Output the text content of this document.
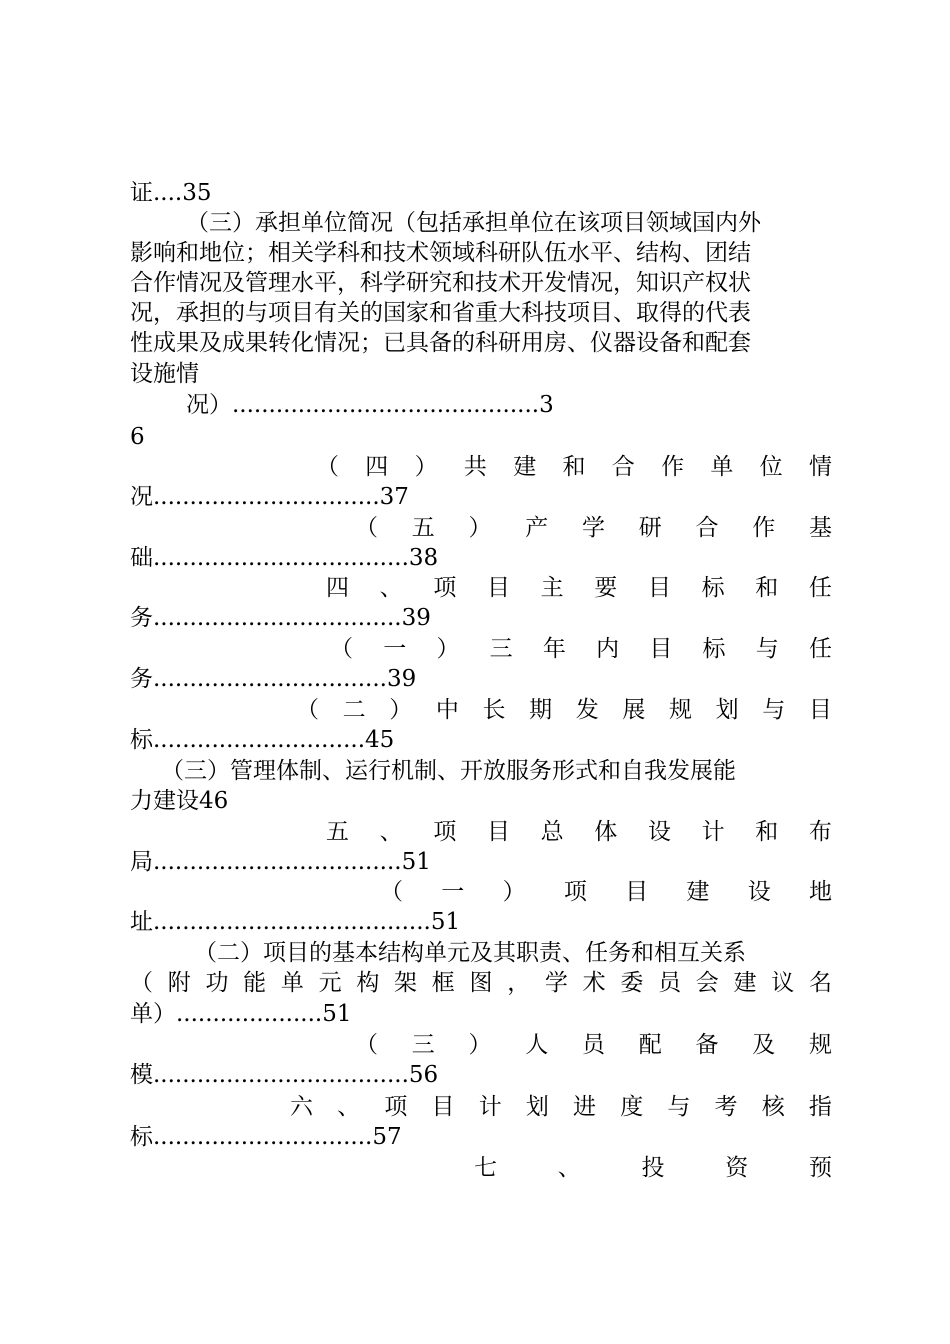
证....35
（三）承担单位简况（包括承担单位在该项目领域国内外
影响和地位；相关学科和技术领域科研队伍水平、结构、团结
合作情况及管理水平，科学研究和技术开发情况，知识产权状
况，承担的与项目有关的国家和省重大科技项目、取得的代表
性成果及成果转化情况；已具备的科研用房、仪器设备和配套
设施情
况）..........................................3
6
（ 四 ） 共 建 和 合 作 单 位 情
况...............................37
（ 五 ） 产 学 研 合 作 基
础...................................38
四 、 项 目 主 要 目 标 和 任
务..................................39
（ 一 ） 三 年 内 目 标 与 任
务................................39
（ 二 ） 中 长 期 发 展 规 划 与 目
标.............................45
（三）管理体制、运行机制、开放服务形式和自我发展能
力建设46
五 、 项 目 总 体 设 计 和 布
局..................................51
（ 一 ） 项 目 建 设 地
址......................................51
（二）项目的基本结构单元及其职责、任务和相互关系
（ 附 功 能 单 元 构 架 框 图 ， 学 术 委 员 会 建 议 名
单）....................51
（ 三 ） 人 员 配 备 及 规
模...................................56
六 、 项 目 计 划 进 度 与 考 核 指
标..............................57
七	、	投	资	预
